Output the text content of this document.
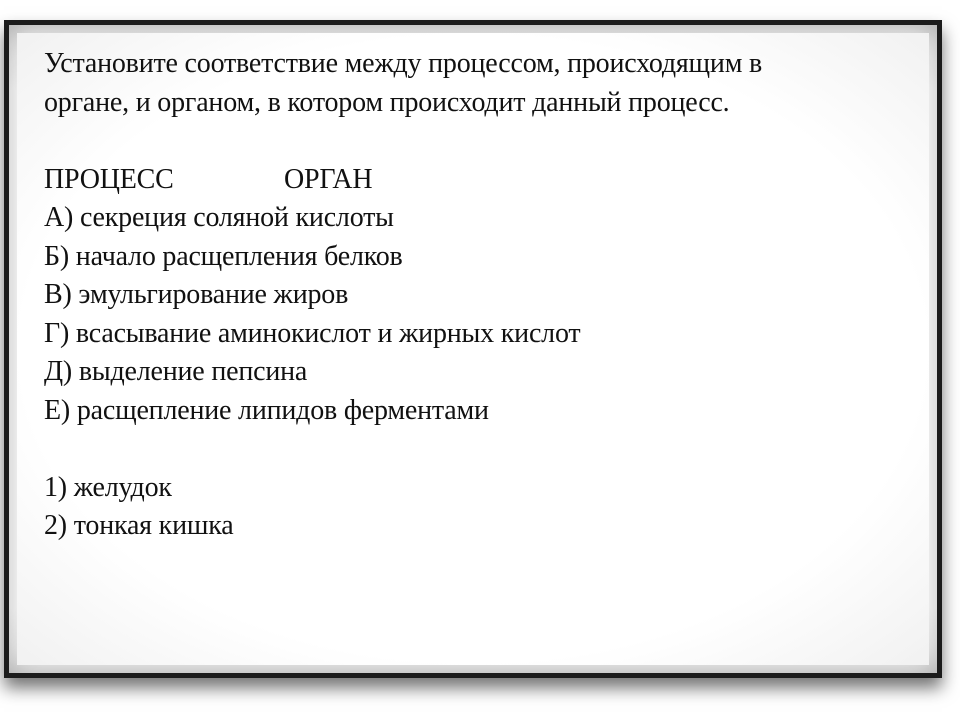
Установите соответствие между процессом, происходящим в
органе, и органом, в котором происходит данный процесс.
ПРОЦЕСС	ОРГАН
А) секреция соляной кислоты
Б) начало расщепления белков
В) эмульгирование жиров
Г) всасывание аминокислот и жирных кислот
Д) выделение пепсина
Е) расщепление липидов ферментами
1) желудок
2) тонкая кишка
